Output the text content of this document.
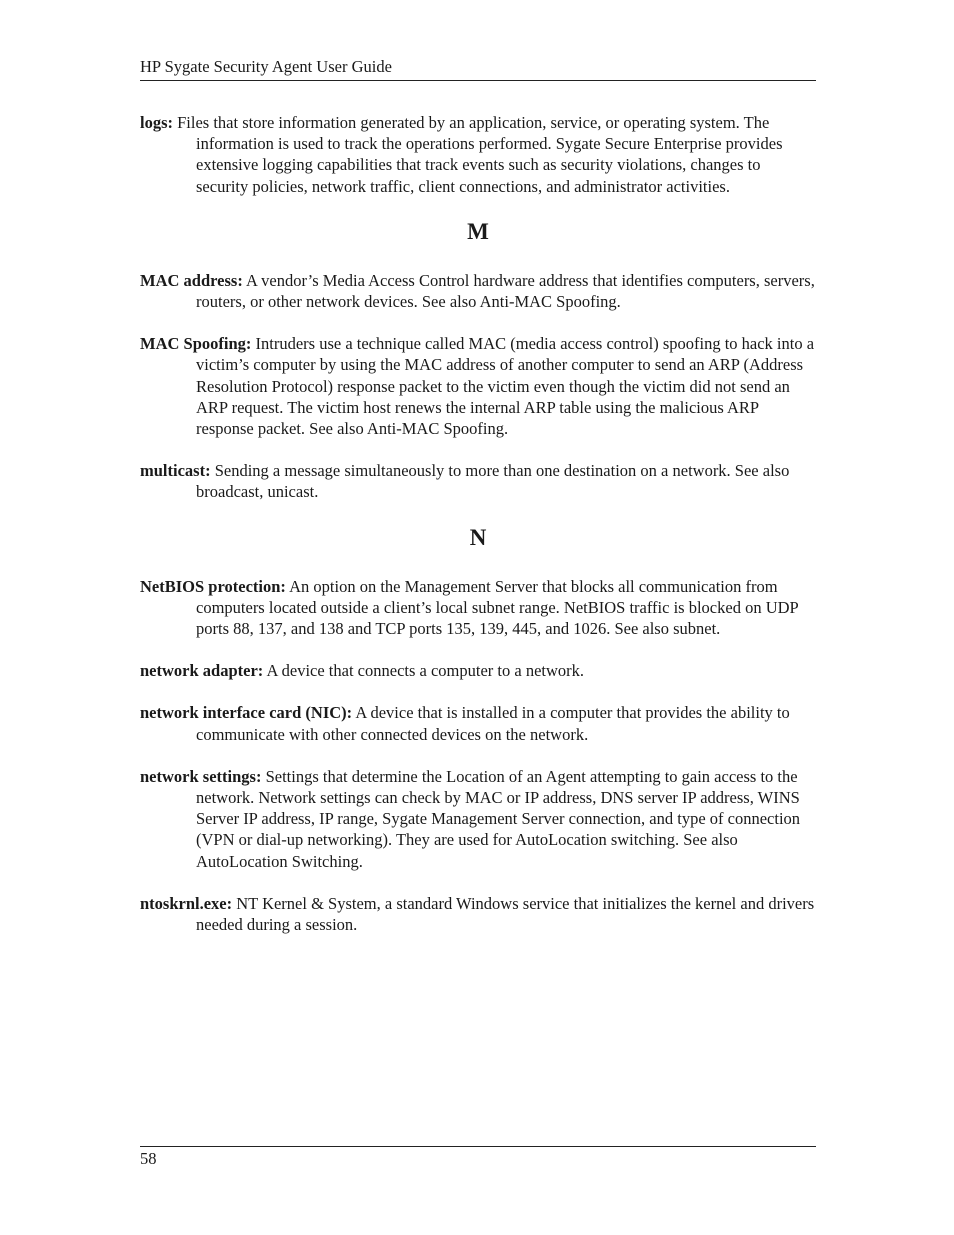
HP Sygate Security Agent User Guide

logs: Files that store information generated by an application, service, or operating system. The information is used to track the operations performed. Sygate Secure Enterprise provides extensive logging capabilities that track events such as security violations, changes to security policies, network traffic, client connections, and administrator activities.

M

MAC address: A vendor’s Media Access Control hardware address that identifies computers, servers, routers, or other network devices. See also Anti-MAC Spoofing.

MAC Spoofing: Intruders use a technique called MAC (media access control) spoofing to hack into a victim’s computer by using the MAC address of another computer to send an ARP (Address Resolution Protocol) response packet to the victim even though the victim did not send an ARP request. The victim host renews the internal ARP table using the malicious ARP response packet. See also Anti-MAC Spoofing.

multicast: Sending a message simultaneously to more than one destination on a network. See also broadcast, unicast.

N

NetBIOS protection: An option on the Management Server that blocks all communication from computers located outside a client’s local subnet range. NetBIOS traffic is blocked on UDP ports 88, 137, and 138 and TCP ports 135, 139, 445, and 1026. See also subnet.

network adapter: A device that connects a computer to a network.

network interface card (NIC): A device that is installed in a computer that provides the ability to communicate with other connected devices on the network.

network settings: Settings that determine the Location of an Agent attempting to gain access to the network. Network settings can check by MAC or IP address, DNS server IP address, WINS Server IP address, IP range, Sygate Management Server connection, and type of connection (VPN or dial-up networking). They are used for AutoLocation switching. See also AutoLocation Switching.

ntoskrnl.exe: NT Kernel & System, a standard Windows service that initializes the kernel and drivers needed during a session.

58
